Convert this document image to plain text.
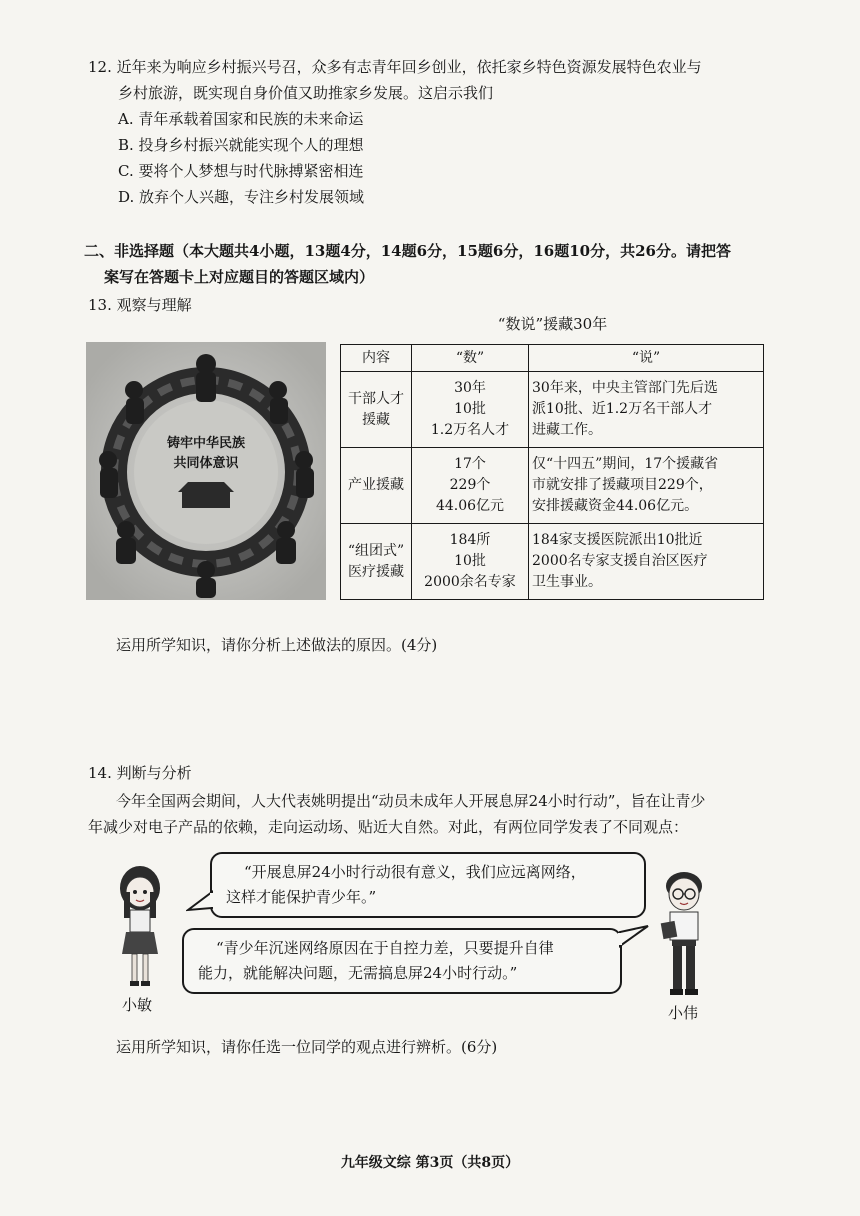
12. 近年来为响应乡村振兴号召，众多有志青年回乡创业，依托家乡特色资源发展特色农业与
乡村旅游，既实现自身价值又助推家乡发展。这启示我们
A. 青年承载着国家和民族的未来命运
B. 投身乡村振兴就能实现个人的理想
C. 要将个人梦想与时代脉搏紧密相连
D. 放弃个人兴趣，专注乡村发展领域
二、非选择题（本大题共4小题，13题4分，14题6分，15题6分，16题10分，共26分。请把答
案写在答题卡上对应题目的答题区域内）
13. 观察与理解
铸牢中华民族
共同体意识
“数说”援藏30年
内容	“数”	“说”

干部人才
援藏	30年
10批
1.2万名人才	30年来，中央主管部门先后选
派10批、近1.2万名干部人才
进藏工作。

产业援藏	17个
229个
44.06亿元	仅“十四五”期间，17个援藏省
市就安排了援藏项目229个，
安排援藏资金44.06亿元。

“组团式”
医疗援藏	184所
10批
2000余名专家	184家支援医院派出10批近
2000名专家支援自治区医疗
卫生事业。
运用所学知识，请你分析上述做法的原因。(4分)
14. 判断与分析
今年全国两会期间，人大代表姚明提出“动员未成年人开展息屏24小时行动”，旨在让青少
年减少对电子产品的依赖，走向运动场、贴近大自然。对此，有两位同学发表了不同观点：
小敏	小伟
“开展息屏24小时行动很有意义，我们应远离网络，
这样才能保护青少年。”
“青少年沉迷网络原因在于自控力差，只要提升自律
能力，就能解决问题，无需搞息屏24小时行动。”
运用所学知识，请你任选一位同学的观点进行辨析。(6分)
九年级文综 第3页（共8页）
